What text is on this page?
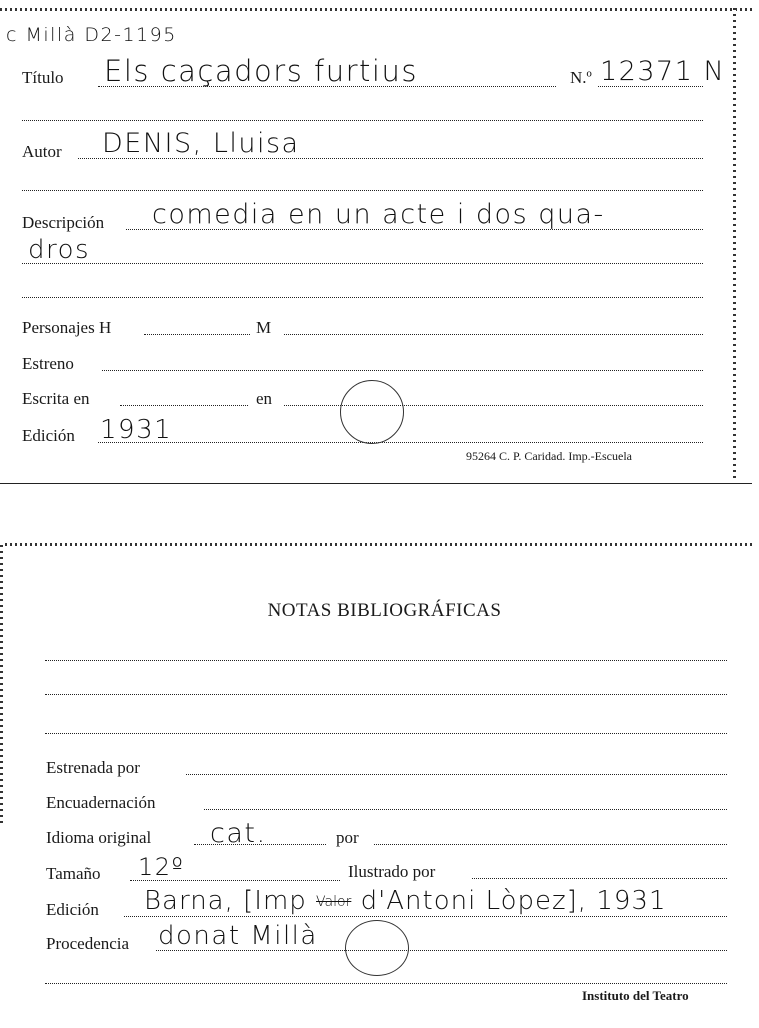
c Millà D2-1195
Título Els caçadors furtius	N.º 12371 N
Autor DENIS, Lluisa
Descripción comedia en un acte i dos qua-
dros
Personajes H	M
Estreno
Escrita en	en
Edición 1931
95264 C. P. Caridad. Imp.-Escuela
NOTAS BIBLIOGRÁFICAS
Estrenada por
Encuadernación
Idioma original cat.	por
Tamaño 12º	Ilustrado por
Edición Barna, [Imp Valor d'Antoni Lòpez], 1931
Procedencia donat Millà
Instituto del Teatro
